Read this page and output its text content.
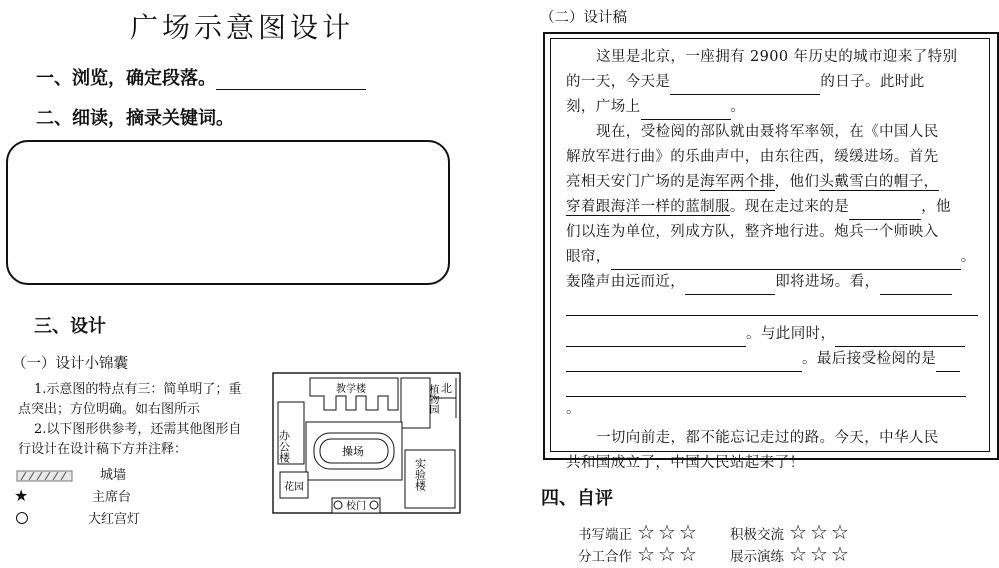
广场示意图设计
一、浏览，确定段落。
二、细读，摘录关键词。
三、设计
（一）设计小锦囊
1.示意图的特点有三：简单明了；重
点突出；方位明确。如右图所示
2.以下图形供参考，还需其他图形自
行设计在设计稿下方并注释：
城墙
★	主席台
大红宫灯
北
教学楼	植物园
办公楼	操场
实验楼
花园
校门
（二）设计稿

这里是北京，一座拥有 2900 年历史的城市迎来了特别

的一天，今天是	的日子。此时此

刻，广场上	。

现在，受检阅的部队就由聂将军率领，在《中国人民

解放军进行曲》的乐曲声中，由东往西，缓缓进场。首先

亮相天安门广场的是海军两个排，他们头戴雪白的帽子，

穿着跟海洋一样的蓝制服。现在走过来的是	，他

们以连为单位，列成方队，整齐地行进。炮兵一个师映入

眼帘，	。

轰隆声由远而近，	即将进场。看，

。与此同时，

。最后接受检阅的是

。

一切向前走，都不能忘记走过的路。今天，中华人民

共和国成立了，中国人民站起来了！

四、自评
书写端正 ☆☆☆ 积极交流 ☆☆☆
分工合作 ☆☆☆ 展示演练 ☆☆☆
